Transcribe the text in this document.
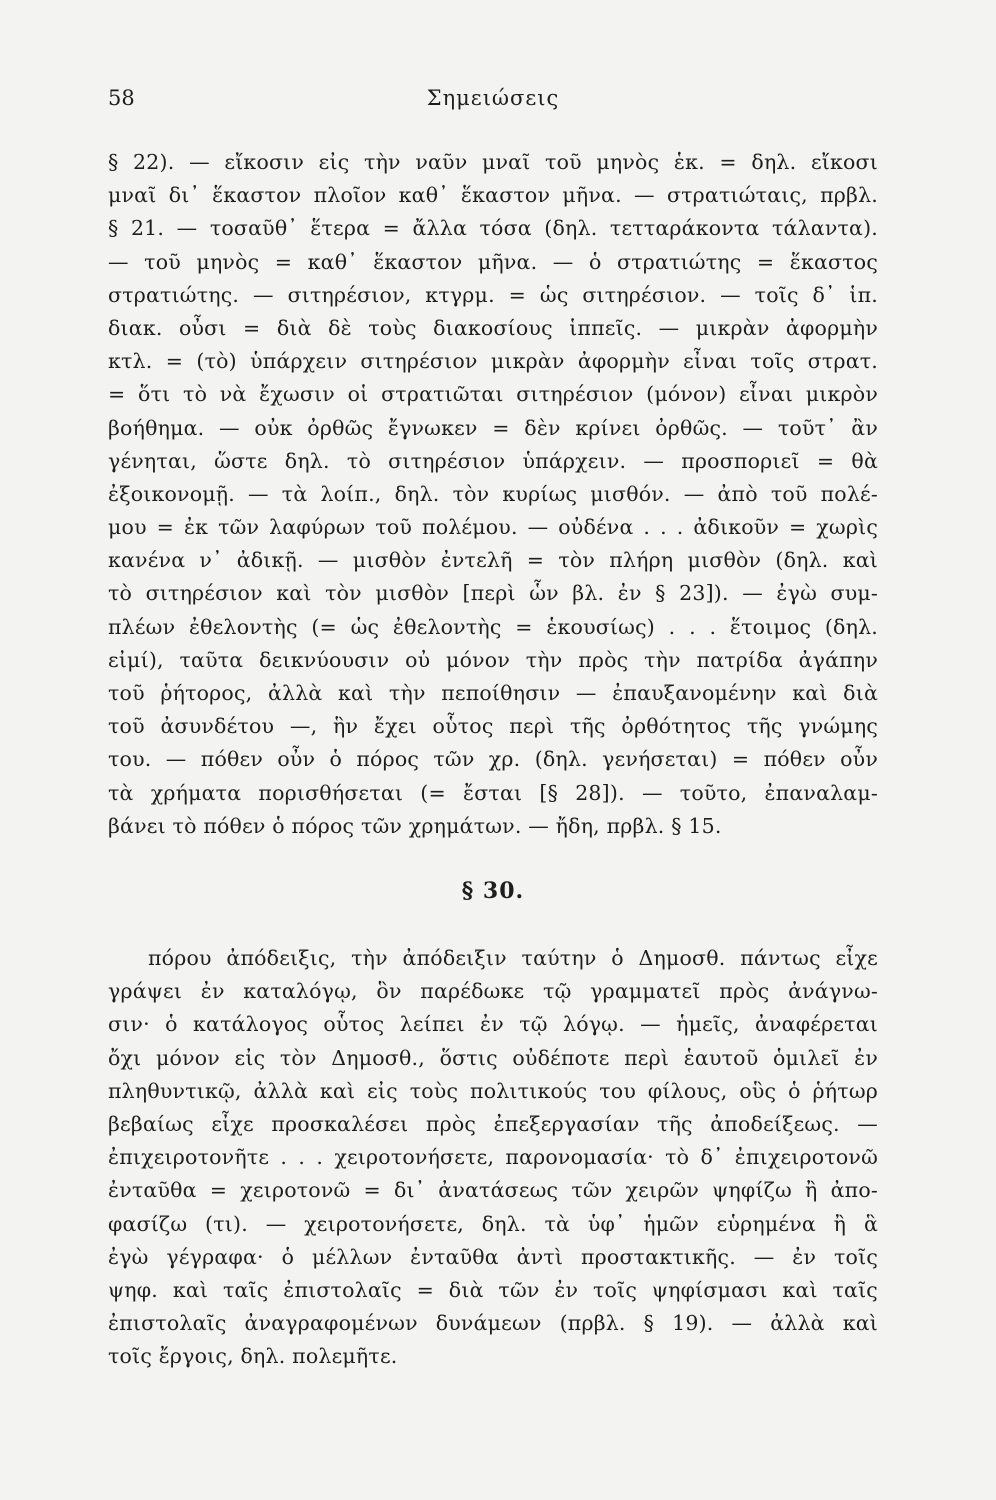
58	Σημειώσεις
§ 22). — εἴκοσιν εἰς τὴν ναῦν μναῖ τοῦ μηνὸς ἑκ. = δηλ. εἴκοσι
μναῖ δι᾽ ἕκαστον πλοῖον καθ᾽ ἕκαστον μῆνα. — στρατιώταις, πρβλ.
§ 21. — τοσαῦθ᾽ ἕτερα = ἄλλα τόσα (δηλ. τετταράκοντα τάλαντα).
— τοῦ μηνὸς = καθ᾽ ἕκαστον μῆνα. — ὁ στρατιώτης = ἕκαστος
στρατιώτης. — σιτηρέσιον, κτγρμ. = ὡς σιτηρέσιον. — τοῖς δ᾽ ἱπ.
διακ. οὖσι = διὰ δὲ τοὺς διακοσίους ἱππεῖς. — μικρὰν ἀφορμὴν
κτλ. = (τὸ) ὑπάρχειν σιτηρέσιον μικρὰν ἀφορμὴν εἶναι τοῖς στρατ.
= ὅτι τὸ νὰ ἔχωσιν οἱ στρατιῶται σιτηρέσιον (μόνον) εἶναι μικρὸν
βοήθημα. — οὐκ ὀρθῶς ἔγνωκεν = δὲν κρίνει ὀρθῶς. — τοῦτ᾽ ἂν
γένηται, ὥστε δηλ. τὸ σιτηρέσιον ὑπάρχειν. — προσποριεῖ = θὰ
ἐξοικονομῇ. — τὰ λοίπ., δηλ. τὸν κυρίως μισθόν. — ἀπὸ τοῦ πολέ-
μου = ἐκ τῶν λαφύρων τοῦ πολέμου. — οὐδένα . . . ἀδικοῦν = χωρὶς
κανένα ν᾽ ἀδικῇ. — μισθὸν ἐντελῆ = τὸν πλήρη μισθὸν (δηλ. καὶ
τὸ σιτηρέσιον καὶ τὸν μισθὸν [περὶ ὧν βλ. ἐν § 23]). — ἐγὼ συμ-
πλέων ἐθελοντὴς (= ὡς ἐθελοντὴς = ἑκουσίως) . . . ἕτοιμος (δηλ.
εἰμί), ταῦτα δεικνύουσιν οὐ μόνον τὴν πρὸς τὴν πατρίδα ἀγάπην
τοῦ ῥήτορος, ἀλλὰ καὶ τὴν πεποίθησιν — ἐπαυξανομένην καὶ διὰ
τοῦ ἀσυνδέτου —, ἣν ἔχει οὗτος περὶ τῆς ὀρθότητος τῆς γνώμης
του. — πόθεν οὖν ὁ πόρος τῶν χρ. (δηλ. γενήσεται) = πόθεν οὖν
τὰ χρήματα πορισθήσεται (= ἔσται [§ 28]). — τοῦτο, ἐπαναλαμ-
βάνει τὸ πόθεν ὁ πόρος τῶν χρημάτων. — ἤδη, πρβλ. § 15.
§ 30.
πόρου ἀπόδειξις, τὴν ἀπόδειξιν ταύτην ὁ Δημοσθ. πάντως εἶχε
γράψει ἐν καταλόγῳ, ὃν παρέδωκε τῷ γραμματεῖ πρὸς ἀνάγνω-
σιν· ὁ κατάλογος οὗτος λείπει ἐν τῷ λόγῳ. — ἡμεῖς, ἀναφέρεται
ὄχι μόνον εἰς τὸν Δημοσθ., ὅστις οὐδέποτε περὶ ἑαυτοῦ ὁμιλεῖ ἐν
πληθυντικῷ, ἀλλὰ καὶ εἰς τοὺς πολιτικούς του φίλους, οὓς ὁ ῥήτωρ
βεβαίως εἶχε προσκαλέσει πρὸς ἐπεξεργασίαν τῆς ἀποδείξεως. —
ἐπιχειροτονῆτε . . . χειροτονήσετε, παρονομασία· τὸ δ᾽ ἐπιχειροτονῶ
ἐνταῦθα = χειροτονῶ = δι᾽ ἀνατάσεως τῶν χειρῶν ψηφίζω ἢ ἀπο-
φασίζω (τι). — χειροτονήσετε, δηλ. τὰ ὑφ᾽ ἡμῶν εὑρημένα ἢ ἃ
ἐγὼ γέγραφα· ὁ μέλλων ἐνταῦθα ἀντὶ προστακτικῆς. — ἐν τοῖς
ψηφ. καὶ ταῖς ἐπιστολαῖς = διὰ τῶν ἐν τοῖς ψηφίσμασι καὶ ταῖς
ἐπιστολαῖς ἀναγραφομένων δυνάμεων (πρβλ. § 19). — ἀλλὰ καὶ
τοῖς ἔργοις, δηλ. πολεμῆτε.
